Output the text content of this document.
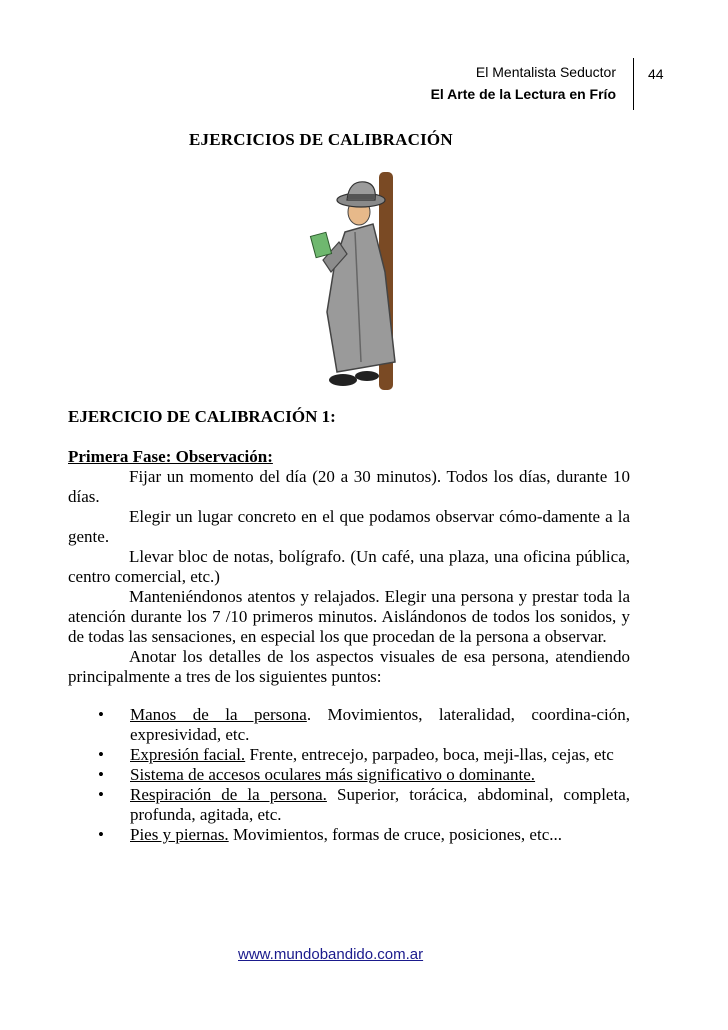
El Mentalista Seductor
El Arte de la Lectura en Frío
44
EJERCICIOS DE CALIBRACIÓN
EJERCICIO DE CALIBRACIÓN 1:
Primera Fase: Observación:

Fijar un momento del día (20 a 30 minutos). Todos los días, durante 10 días.

Elegir un lugar concreto en el que podamos observar cómo-damente a la gente.

Llevar bloc de notas, bolígrafo. (Un café, una plaza, una oficina pública, centro comercial, etc.)

Manteniéndonos atentos y relajados. Elegir una persona y prestar toda la atención durante los 7 /10 primeros minutos. Aislándonos de todos los sonidos, y de todas las sensaciones, en especial los que procedan de la persona a observar.

Anotar los detalles de los aspectos visuales de esa persona, atendiendo principalmente a tres de los siguientes puntos:

• Manos de la persona. Movimientos, lateralidad, coordina-ción, expresividad, etc.
• Expresión facial. Frente, entrecejo, parpadeo, boca, meji-llas, cejas, etc
• Sistema de accesos oculares más significativo o dominante.
• Respiración de la persona. Superior, torácica, abdominal, completa, profunda, agitada, etc.
• Pies y piernas. Movimientos, formas de cruce, posiciones, etc...
www.mundobandido.com.ar
